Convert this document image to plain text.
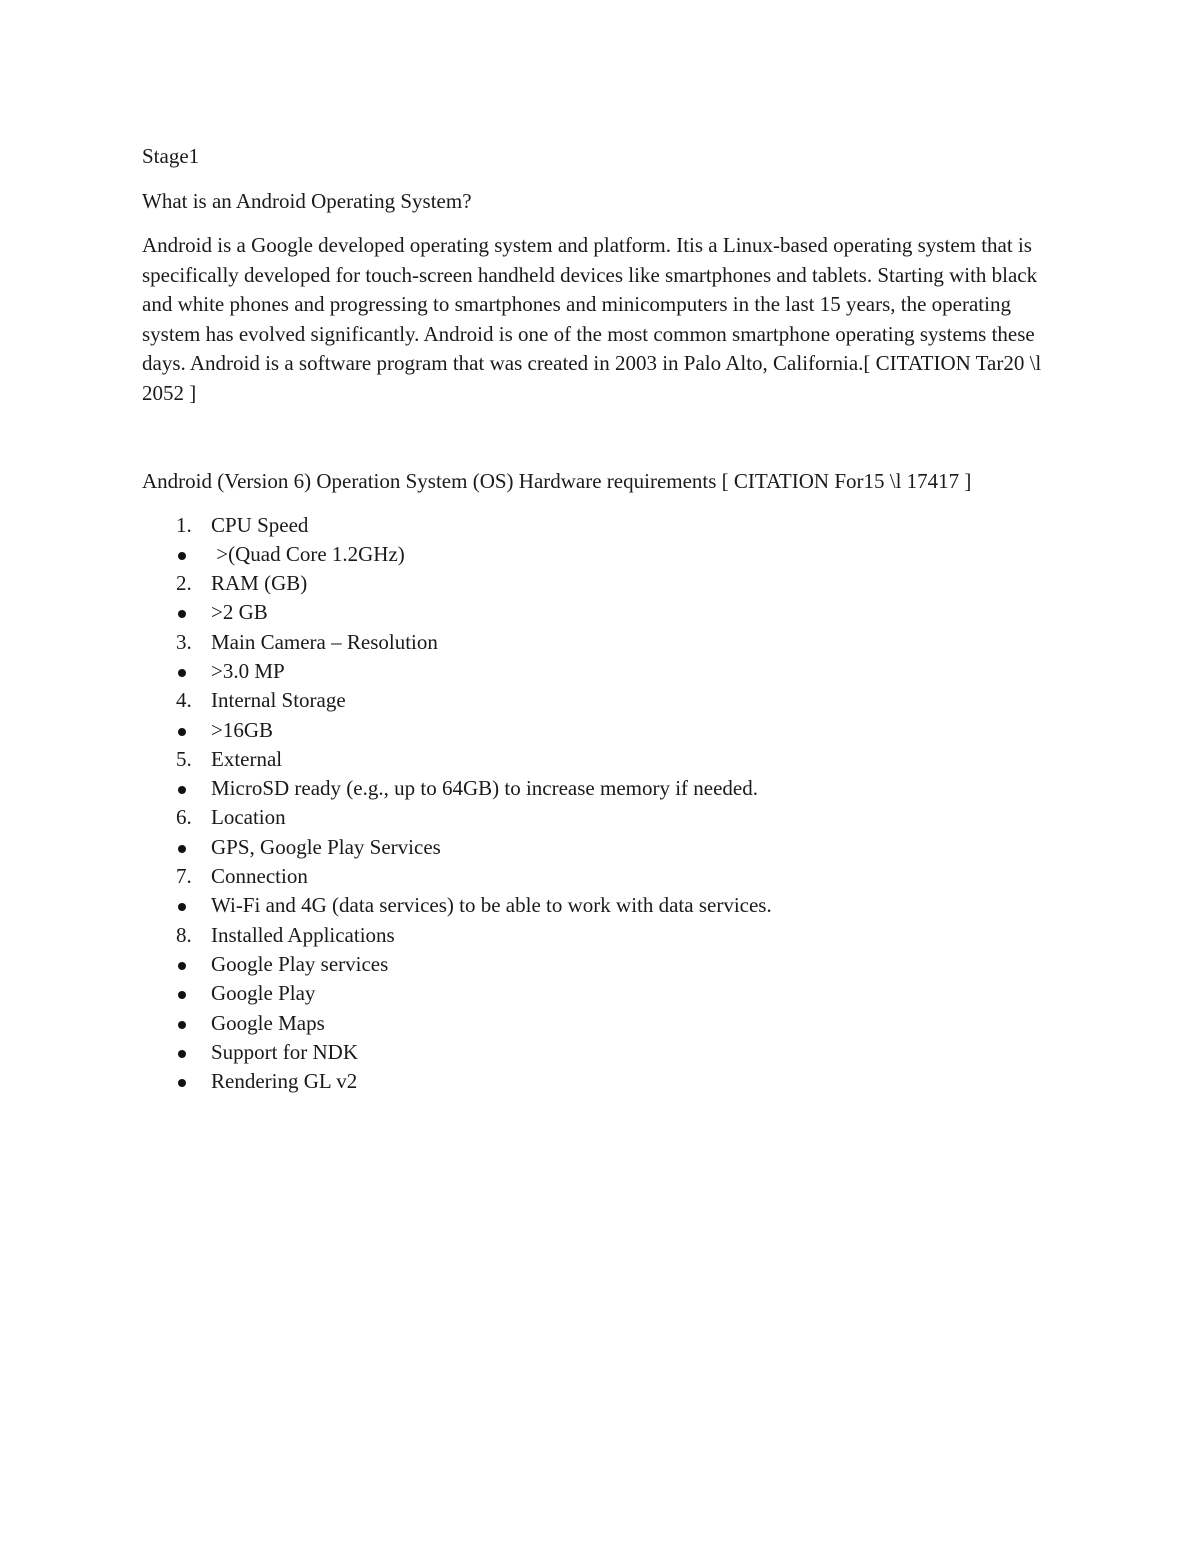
Stage1

What is an Android Operating System?

Android is a Google developed operating system and platform. Itis a Linux-based operating system that is specifically developed for touch-screen handheld devices like smartphones and tablets. Starting with black and white phones and progressing to smartphones and minicomputers in the last 15 years, the operating system has evolved significantly. Android is one of the most common smartphone operating systems these days. Android is a software program that was created in 2003 in Palo Alto, California.[ CITATION Tar20 \l 2052 ]

Android (Version 6) Operation System (OS) Hardware requirements [ CITATION For15 \l 17417 ]

1. CPU Speed
>(Quad Core 1.2GHz)
2. RAM (GB)
>2 GB
3. Main Camera – Resolution
>3.0 MP
4. Internal Storage
>16GB
5. External
MicroSD ready (e.g., up to 64GB) to increase memory if needed.
6. Location
GPS, Google Play Services
7. Connection
Wi-Fi and 4G (data services) to be able to work with data services.
8. Installed Applications
Google Play services
Google Play
Google Maps
Support for NDK
Rendering GL v2
